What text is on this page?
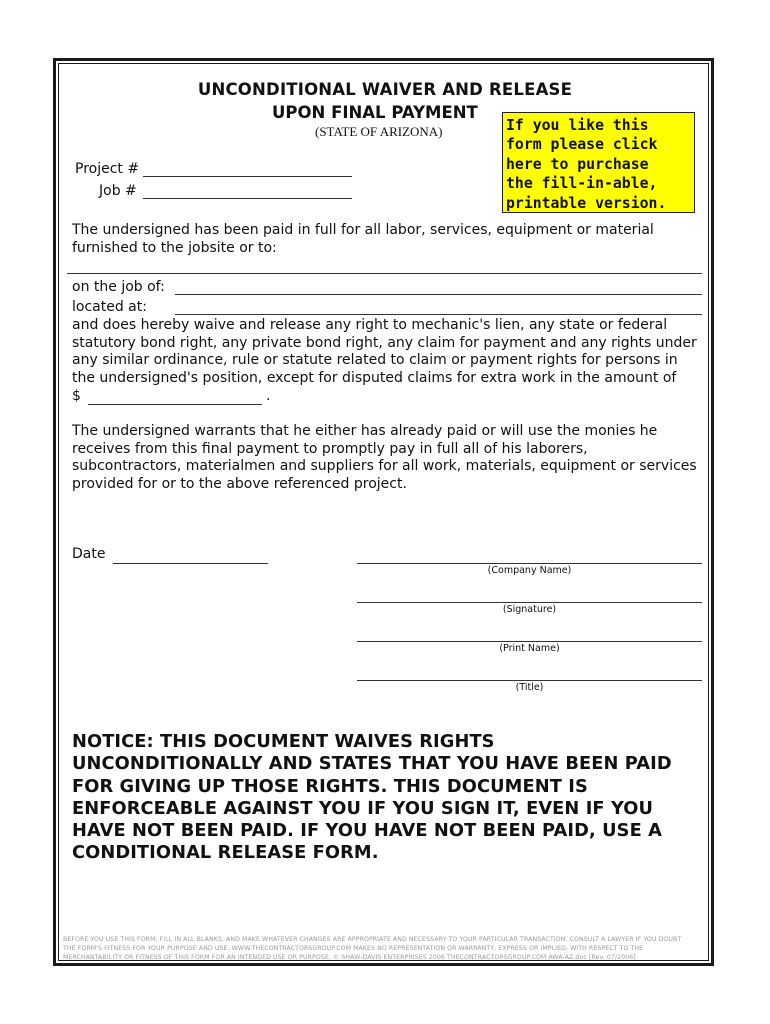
UNCONDITIONAL WAIVER AND RELEASE
UPON FINAL PAYMENT
(STATE OF ARIZONA)	If you like this
form please click
here to purchase
the fill-in-able,
printable version.
Project #
Job #
The undersigned has been paid in full for all labor, services, equipment or material
furnished to the jobsite or to:
on the job of:
located at:
and does hereby waive and release any right to mechanic's lien, any state or federal
statutory bond right, any private bond right, any claim for payment and any rights under
any similar ordinance, rule or statute related to claim or payment rights for persons in
the undersigned's position, except for disputed claims for extra work in the amount of
$	.
The undersigned warrants that he either has already paid or will use the monies he
receives from this final payment to promptly pay in full all of his laborers,
subcontractors, materialmen and suppliers for all work, materials, equipment or services
provided for or to the above referenced project.
Date
(Company Name)
(Signature)
(Print Name)
(Title)
NOTICE: THIS DOCUMENT WAIVES RIGHTS
UNCONDITIONALLY AND STATES THAT YOU HAVE BEEN PAID
FOR GIVING UP THOSE RIGHTS. THIS DOCUMENT IS
ENFORCEABLE AGAINST YOU IF YOU SIGN IT, EVEN IF YOU
HAVE NOT BEEN PAID. IF YOU HAVE NOT BEEN PAID, USE A
CONDITIONAL RELEASE FORM.
BEFORE YOU USE THIS FORM, FILL IN ALL BLANKS, AND MAKE WHATEVER CHANGES ARE APPROPRIATE AND NECESSARY TO YOUR PARTICULAR TRANSACTION. CONSULT A LAWYER IF YOU DOUBT
THE FORM'S FITNESS FOR YOUR PURPOSE AND USE. WWW.THECONTRACTORSGROUP.COM MAKES NO REPRESENTATION OR WARRANTY, EXPRESS OR IMPLIED, WITH RESPECT TO THE
MERCHANTABILITY OR FITNESS OF THIS FORM FOR AN INTENDED USE OR PURPOSE. © SHAW-DAVIS ENTERPRISES 2006 THECONTRACTORSGROUP.COM AWA-AZ.doc [Rev. 07/2006]
